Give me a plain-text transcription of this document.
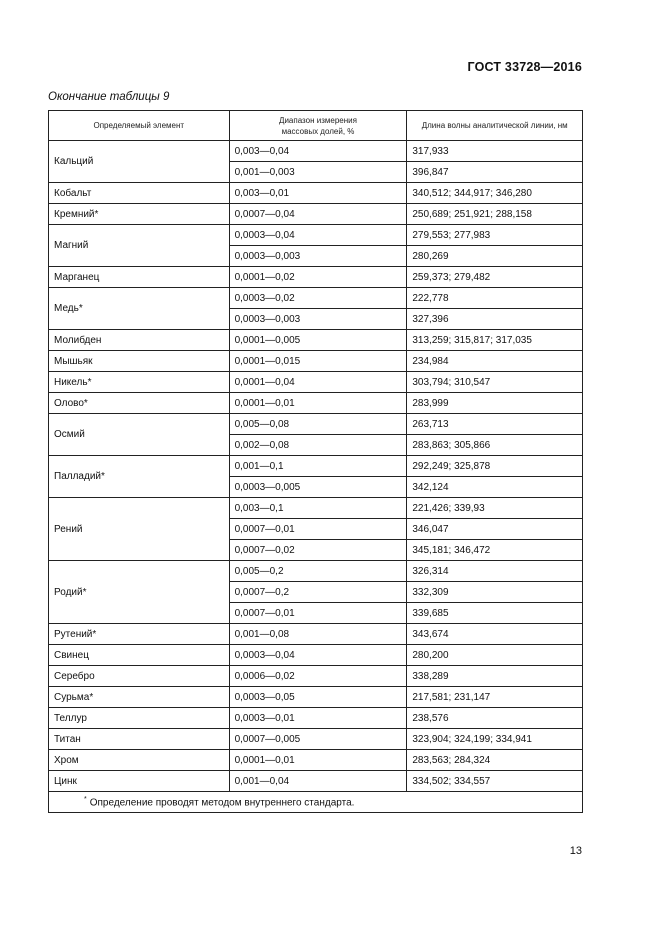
ГОСТ 33728—2016
Окончание таблицы 9
Определяемый элемент	Диапазон измерения массовых долей, %	Длина волны аналитической линии, нм
Кальций	0,003—0,04	317,933
	0,001—0,003	396,847
Кобальт	0,003—0,01	340,512; 344,917; 346,280
Кремний*	0,0007—0,04	250,689; 251,921; 288,158
Магний	0,0003—0,04	279,553; 277,983
	0,0003—0,003	280,269
Марганец	0,0001—0,02	259,373; 279,482
Медь*	0,0003—0,02	222,778
	0,0003—0,003	327,396
Молибден	0,0001—0,005	313,259; 315,817; 317,035
Мышьяк	0,0001—0,015	234,984
Никель*	0,0001—0,04	303,794; 310,547
Олово*	0,0001—0,01	283,999
Осмий	0,005—0,08	263,713
	0,002—0,08	283,863; 305,866
Палладий*	0,001—0,1	292,249; 325,878
	0,0003—0,005	342,124
Рений	0,003—0,1	221,426; 339,93
	0,0007—0,01	346,047
	0,0007—0,02	345,181; 346,472
Родий*	0,005—0,2	326,314
	0,0007—0,2	332,309
	0,0007—0,01	339,685
Рутений*	0,001—0,08	343,674
Свинец	0,0003—0,04	280,200
Серебро	0,0006—0,02	338,289
Сурьма*	0,0003—0,05	217,581; 231,147
Теллур	0,0003—0,01	238,576
Титан	0,0007—0,005	323,904; 324,199; 334,941
Хром	0,0001—0,01	283,563; 284,324
Цинк	0,001—0,04	334,502; 334,557
* Определение проводят методом внутреннего стандарта.		
13
